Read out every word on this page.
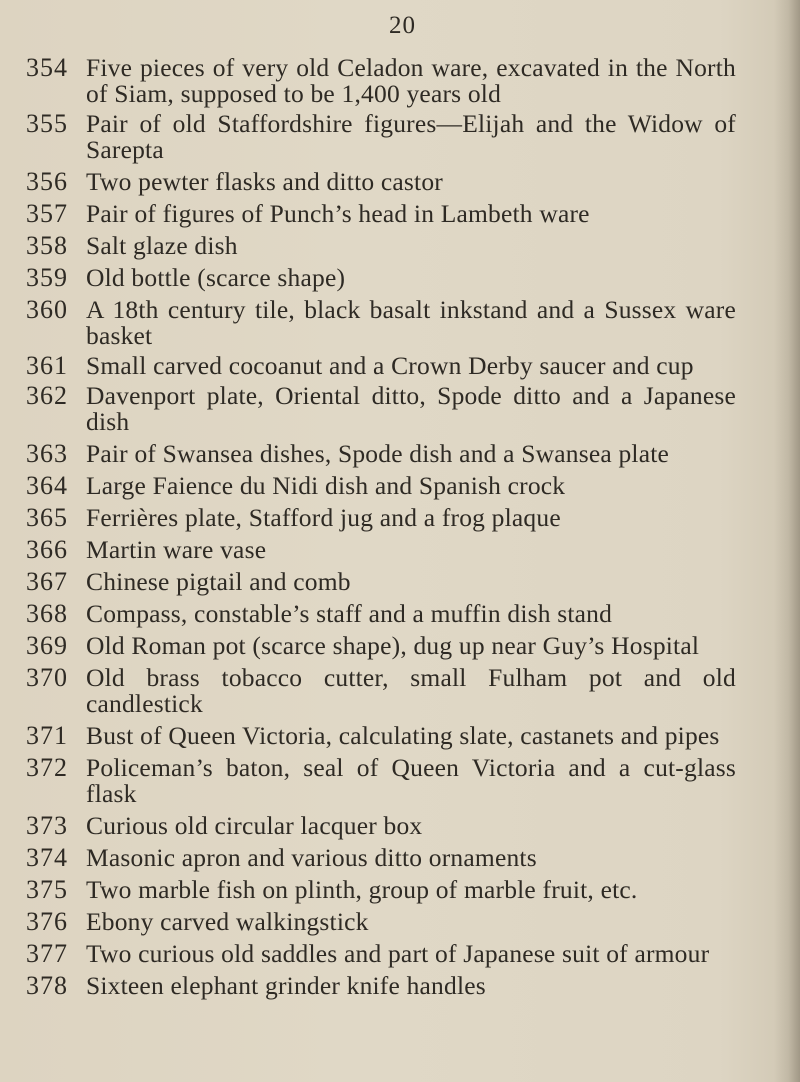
20
354 Five pieces of very old Celadon ware, excavated in the North of Siam, supposed to be 1,400 years old
355 Pair of old Staffordshire figures—Elijah and the Widow of Sarepta
356 Two pewter flasks and ditto castor
357 Pair of figures of Punch’s head in Lambeth ware
358 Salt glaze dish
359 Old bottle (scarce shape)
360 A 18th century tile, black basalt inkstand and a Sussex ware basket
361 Small carved cocoanut and a Crown Derby saucer and cup
362 Davenport plate, Oriental ditto, Spode ditto and a Japanese dish
363 Pair of Swansea dishes, Spode dish and a Swansea plate
364 Large Faience du Nidi dish and Spanish crock
365 Ferrières plate, Stafford jug and a frog plaque
366 Martin ware vase
367 Chinese pigtail and comb
368 Compass, constable’s staff and a muffin dish stand
369 Old Roman pot (scarce shape), dug up near Guy’s Hospital
370 Old brass tobacco cutter, small Fulham pot and old candlestick
371 Bust of Queen Victoria, calculating slate, castanets and pipes
372 Policeman’s baton, seal of Queen Victoria and a cut-glass flask
373 Curious old circular lacquer box
374 Masonic apron and various ditto ornaments
375 Two marble fish on plinth, group of marble fruit, etc.
376 Ebony carved walkingstick
377 Two curious old saddles and part of Japanese suit of armour
378 Sixteen elephant grinder knife handles
